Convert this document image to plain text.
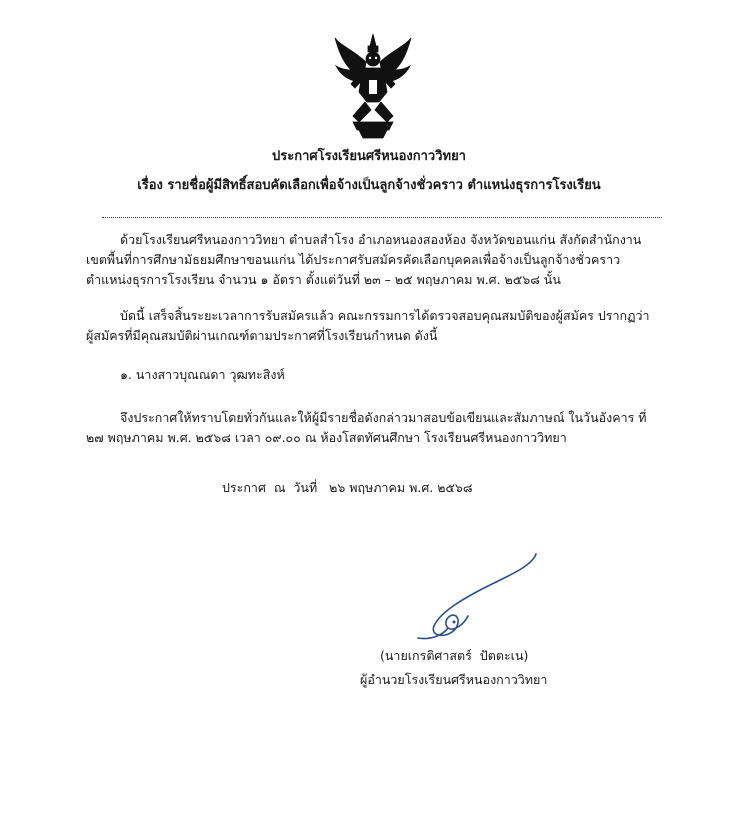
ประกาศโรงเรียนศรีหนองกาววิทยา
เรื่อง รายชื่อผู้มีสิทธิ์สอบคัดเลือกเพื่อจ้างเป็นลูกจ้างชั่วคราว ตำแหน่งธุรการโรงเรียน
ด้วยโรงเรียนศรีหนองกาววิทยา ตำบลสำโรง อำเภอหนองสองห้อง จังหวัดขอนแก่น สังกัดสำนักงานเขตพื้นที่การศึกษามัธยมศึกษาขอนแก่น ได้ประกาศรับสมัครคัดเลือกบุคคลเพื่อจ้างเป็นลูกจ้างชั่วคราว ตำแหน่งธุรการโรงเรียน จำนวน ๑ อัตรา ตั้งแต่วันที่ ๒๓ – ๒๕ พฤษภาคม พ.ศ. ๒๕๖๘ นั้น
บัดนี้ เสร็จสิ้นระยะเวลาการรับสมัครแล้ว คณะกรรมการได้ตรวจสอบคุณสมบัติของผู้สมัคร ปรากฏว่าผู้สมัครที่มีคุณสมบัติผ่านเกณฑ์ตามประกาศที่โรงเรียนกำหนด ดังนี้
๑. นางสาวบุณณดา วุฒทะสิงห์
จึงประกาศให้ทราบโดยทั่วกันและให้ผู้มีรายชื่อดังกล่าวมาสอบข้อเขียนและสัมภาษณ์ ในวันอังคาร ที่ ๒๗ พฤษภาคม พ.ศ. ๒๕๖๘ เวลา ๐๙.๐๐ ณ ห้องโสตทัศนศึกษา โรงเรียนศรีหนองกาววิทยา
ประกาศ  ณ  วันที่   ๒๖ พฤษภาคม พ.ศ. ๒๕๖๘
(นายเกรติศาสตร์  ปัตตะเน)
ผู้อำนวยโรงเรียนศรีหนองกาววิทยา
